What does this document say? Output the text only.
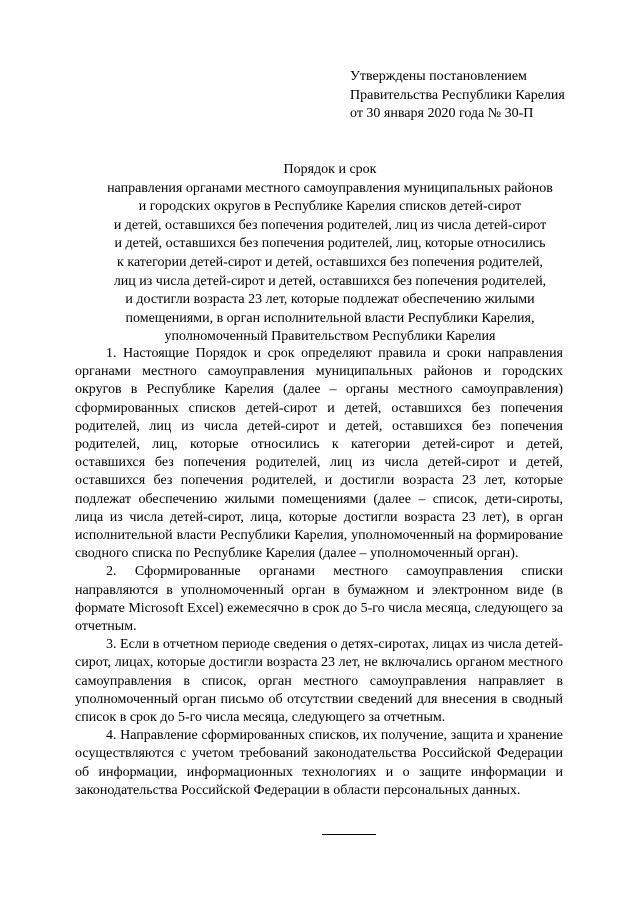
Утверждены постановлением
Правительства Республики Карелия
от 30 января 2020 года № 30-П
Порядок и срок
направления органами местного самоуправления муниципальных районов
и городских округов в Республике Карелия списков детей-сирот
и детей, оставшихся без попечения родителей, лиц из числа детей-сирот
и детей, оставшихся без попечения родителей, лиц, которые относились
к категории детей-сирот и детей, оставшихся без попечения родителей,
лиц из числа детей-сирот и детей, оставшихся без попечения родителей,
и достигли возраста 23 лет, которые подлежат обеспечению жилыми
помещениями, в орган исполнительной власти Республики Карелия,
уполномоченный Правительством Республики Карелия

1. Настоящие Порядок и срок определяют правила и сроки направления органами местного самоуправления муниципальных районов и городских округов в Республике Карелия (далее – органы местного самоуправления) сформированных списков детей-сирот и детей, оставшихся без попечения родителей, лиц из числа детей-сирот и детей, оставшихся без попечения родителей, лиц, которые относились к категории детей-сирот и детей, оставшихся без попечения родителей, лиц из числа детей-сирот и детей, оставшихся без попечения родителей, и достигли возраста 23 лет, которые подлежат обеспечению жилыми помещениями (далее – список, дети-сироты, лица из числа детей-сирот, лица, которые достигли возраста 23 лет), в орган исполнительной власти Республики Карелия, уполномоченный на формирование сводного списка по Республике Карелия (далее – уполномоченный орган).

2. Сформированные органами местного самоуправления списки направляются в уполномоченный орган в бумажном и электронном виде (в формате Microsoft Excel) ежемесячно в срок до 5-го числа месяца, следующего за отчетным.

3. Если в отчетном периоде сведения о детях-сиротах, лицах из числа детей-сирот, лицах, которые достигли возраста 23 лет, не включались органом местного самоуправления в список, орган местного самоуправления направляет в уполномоченный орган письмо об отсутствии сведений для внесения в сводный список в срок до 5-го числа месяца, следующего за отчетным.

4. Направление сформированных списков, их получение, защита и хранение осуществляются с учетом требований законодательства Российской Федерации об информации, информационных технологиях и о защите информации и законодательства Российской Федерации в области персональных данных.
